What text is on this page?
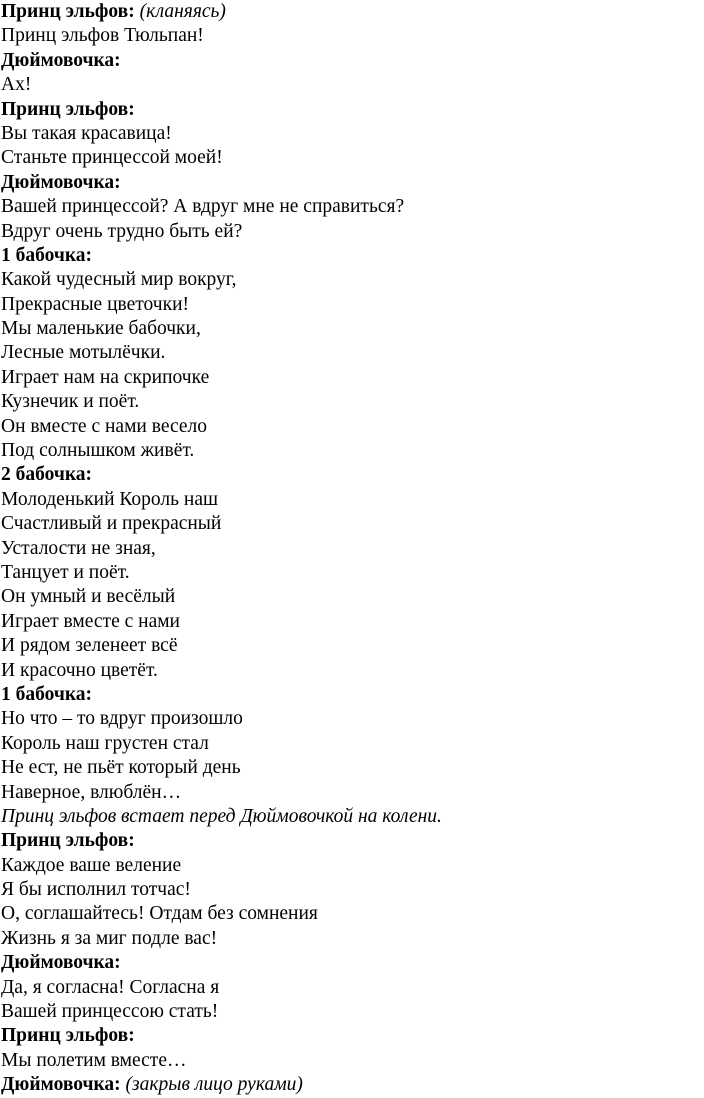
Принц эльфов: (кланяясь)
Принц эльфов Тюльпан!
Дюймовочка:
Ах!
Принц эльфов:
Вы такая красавица!
Станьте принцессой моей!
Дюймовочка:
Вашей принцессой? А вдруг мне не справиться?
Вдруг очень трудно быть ей?
1 бабочка:
Какой чудесный мир вокруг,
Прекрасные цветочки!
Мы маленькие бабочки,
Лесные мотылёчки.
Играет нам на скрипочке
Кузнечик и поёт.
Он вместе с нами весело
Под солнышком живёт.
2 бабочка:
Молоденький Король наш
Счастливый и прекрасный
Усталости не зная,
Танцует и поёт.
Он умный и весёлый
Играет вместе с нами
И рядом зеленеет всё
И красочно цветёт.
1 бабочка:
Но что – то вдруг произошло
Король наш грустен стал
Не ест, не пьёт который день
Наверное, влюблён…
Принц эльфов встает перед Дюймовочкой на колени.
Принц эльфов:
Каждое ваше веление
Я бы исполнил тотчас!
О, соглашайтесь! Отдам без сомнения
Жизнь я за миг подле вас!
Дюймовочка:
Да, я согласна! Согласна я
Вашей принцессою стать!
Принц эльфов:
Мы полетим вместе…
Дюймовочка: (закрыв лицо руками)
